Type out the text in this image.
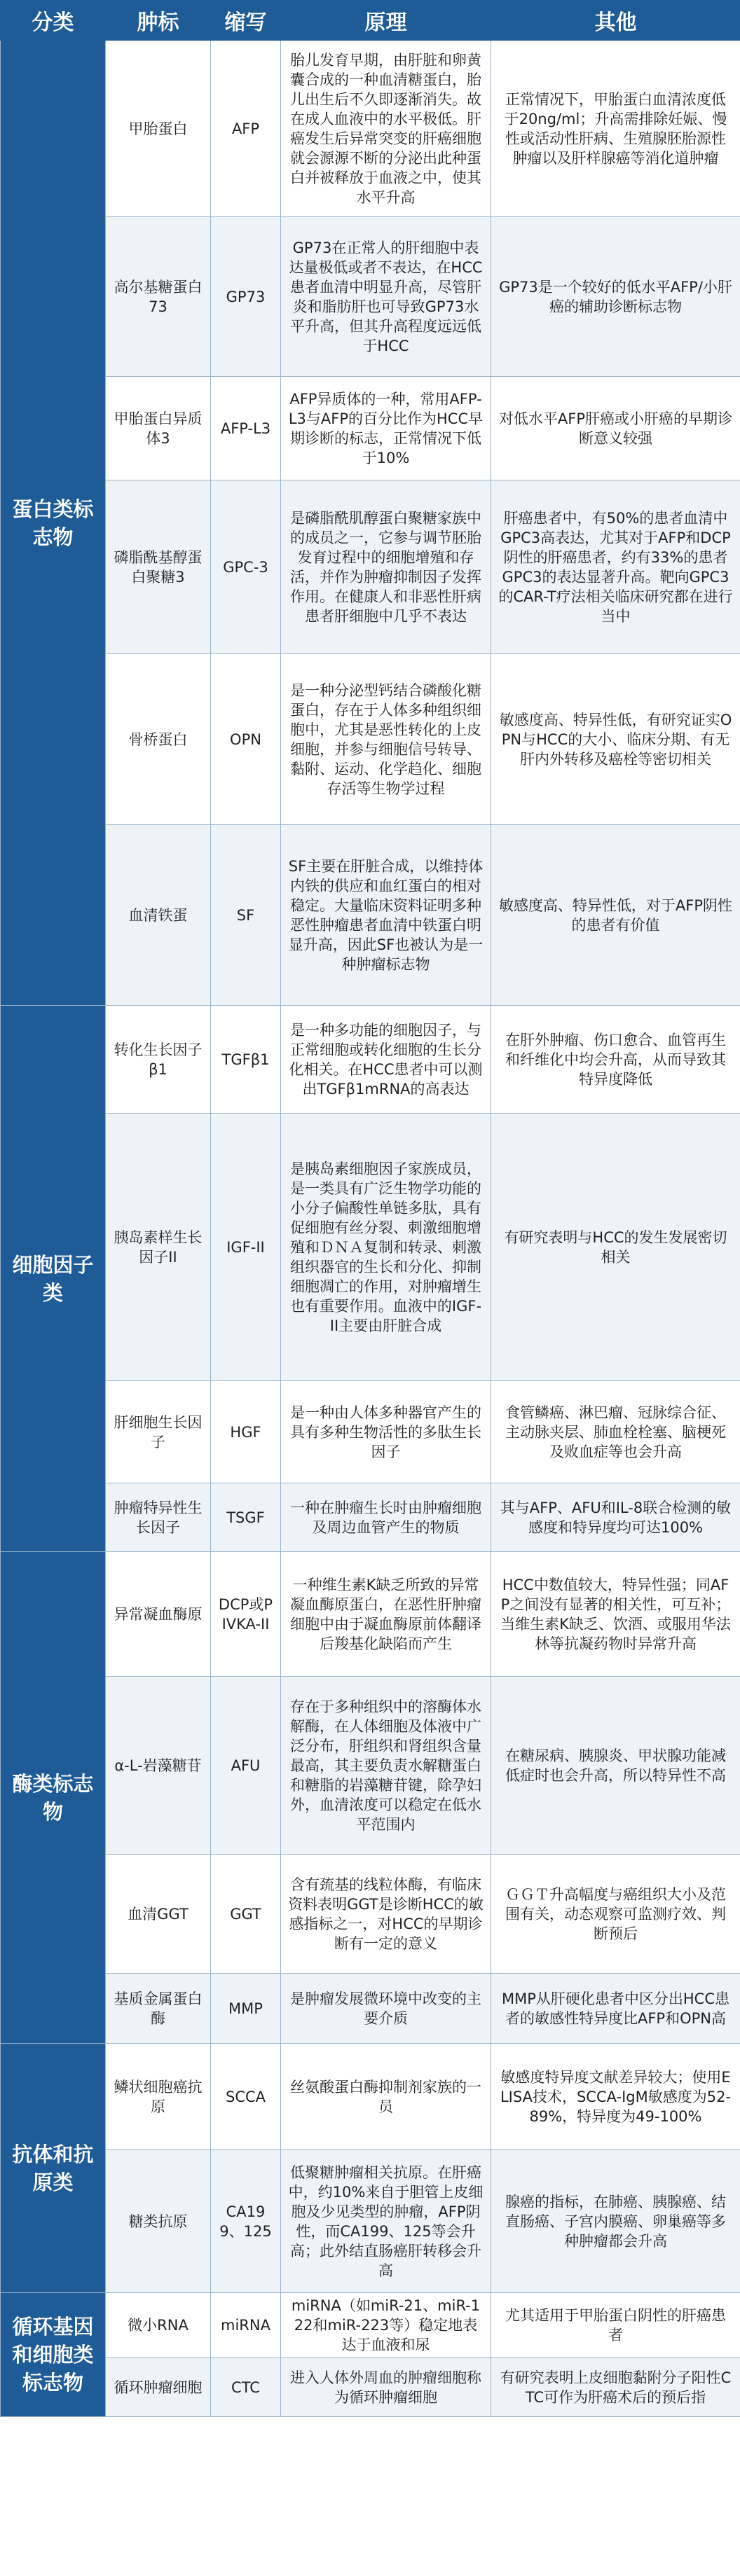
分类	肿标	缩写	原理	其他
蛋白类标志物	甲胎蛋白	AFP	胎儿发育早期，由肝脏和卵黄囊合成的一种血清糖蛋白，胎儿出生后不久即逐渐消失。故在成人血液中的水平极低。肝癌发生后异常突变的肝癌细胞就会源源不断的分泌出此种蛋白并被释放于血液之中，使其水平升高	正常情况下，甲胎蛋白血清浓度低于20ng/ml；升高需排除妊娠、慢性或活动性肝病、生殖腺胚胎源性肿瘤以及肝样腺癌等消化道肿瘤
	高尔基糖蛋白73	GP73	GP73在正常人的肝细胞中表达量极低或者不表达，在HCC患者血清中明显升高，尽管肝炎和脂肪肝也可导致GP73水平升高，但其升高程度远远低于HCC	GP73是一个较好的低水平AFP/小肝癌的辅助诊断标志物
	甲胎蛋白异质体3	AFP-L3	AFP异质体的一种，常用AFP-L3与AFP的百分比作为HCC早期诊断的标志，正常情况下低于10%	对低水平AFP肝癌或小肝癌的早期诊断意义较强
	磷脂酰基醇蛋白聚糖3	GPC-3	是磷脂酰肌醇蛋白聚糖家族中的成员之一，它参与调节胚胎发育过程中的细胞增殖和存活，并作为肿瘤抑制因子发挥作用。在健康人和非恶性肝病患者肝细胞中几乎不表达	肝癌患者中，有50%的患者血清中GPC3高表达，尤其对于AFP和DCP阴性的肝癌患者，约有33%的患者GPC3的表达显著升高。靶向GPC3的CAR-T疗法相关临床研究都在进行当中
	骨桥蛋白	OPN	是一种分泌型钙结合磷酸化糖蛋白，存在于人体多种组织细胞中，尤其是恶性转化的上皮细胞，并参与细胞信号转导、黏附、运动、化学趋化、细胞存活等生物学过程	敏感度高、特异性低，有研究证实OPN与HCC的大小、临床分期、有无肝内外转移及癌栓等密切相关
	血清铁蛋	SF	SF主要在肝脏合成，以维持体内铁的供应和血红蛋白的相对稳定。大量临床资料证明多种恶性肿瘤患者血清中铁蛋白明显升高，因此SF也被认为是一种肿瘤标志物	敏感度高、特异性低，对于AFP阴性的患者有价值
细胞因子类	转化生长因子β1	TGFβ1	是一种多功能的细胞因子，与正常细胞或转化细胞的生长分化相关。在HCC患者中可以测出TGFβ1mRNA的高表达	在肝外肿瘤、伤口愈合、血管再生和纤维化中均会升高，从而导致其特异度降低
	胰岛素样生长因子II	IGF-II	是胰岛素细胞因子家族成员，是一类具有广泛生物学功能的小分子偏酸性单链多肽，具有促细胞有丝分裂、刺激细胞增殖和ＤＮＡ复制和转录、刺激组织器官的生长和分化、抑制细胞凋亡的作用，对肿瘤增生也有重要作用。血液中的IGF-II主要由肝脏合成	有研究表明与HCC的发生发展密切相关
	肝细胞生长因子	HGF	是一种由人体多种器官产生的具有多种生物活性的多肽生长因子	食管鳞癌、淋巴瘤、冠脉综合征、主动脉夹层、肺血栓栓塞、脑梗死及败血症等也会升高
	肿瘤特异性生长因子	TSGF	一种在肿瘤生长时由肿瘤细胞及周边血管产生的物质	其与AFP、AFU和IL-8联合检测的敏感度和特异度均可达100%
酶类标志物	异常凝血酶原	DCP或PIVKA-II	一种维生素K缺乏所致的异常凝血酶原蛋白，在恶性肝肿瘤细胞中由于凝血酶原前体翻译后羧基化缺陷而产生	HCC中数值较大，特异性强；同AFP之间没有显著的相关性，可互补；当维生素K缺乏、饮酒、或服用华法林等抗凝药物时异常升高
	α-L-岩藻糖苷	AFU	存在于多种组织中的溶酶体水解酶，在人体细胞及体液中广泛分布，肝组织和肾组织含量最高，其主要负责水解糖蛋白和糖脂的岩藻糖苷键，除孕妇外，血清浓度可以稳定在低水平范围内	在糖尿病、胰腺炎、甲状腺功能减低症时也会升高，所以特异性不高
	血清GGT	GGT	含有巯基的线粒体酶，有临床资料表明GGT是诊断HCC的敏感指标之一，对HCC的早期诊断有一定的意义	ＧＧＴ升高幅度与癌组织大小及范围有关，动态观察可监测疗效、判断预后
	基质金属蛋白酶	MMP	是肿瘤发展微环境中改变的主要介质	MMP从肝硬化患者中区分出HCC患者的敏感性特异度比AFP和OPN高
抗体和抗原类	鳞状细胞癌抗原	SCCA	丝氨酸蛋白酶抑制剂家族的一员	敏感度特异度文献差异较大；使用ELISA技术，SCCA-IgM敏感度为52-89%，特异度为49-100%
	糖类抗原	CA199、125	低聚糖肿瘤相关抗原。在肝癌中，约10%来自于胆管上皮细胞及少见类型的肿瘤，AFP阴性，而CA199、125等会升高；此外结直肠癌肝转移会升高	腺癌的指标，在肺癌、胰腺癌、结直肠癌、子宫内膜癌、卵巢癌等多种肿瘤都会升高
循环基因和细胞类标志物	微小RNA	miRNA	miRNA（如miR-21、miR-122和miR-223等）稳定地表达于血液和尿	尤其适用于甲胎蛋白阴性的肝癌患者
	循环肿瘤细胞	CTC	进入人体外周血的肿瘤细胞称为循环肿瘤细胞	有研究表明上皮细胞黏附分子阳性CTC可作为肝癌术后的预后指
